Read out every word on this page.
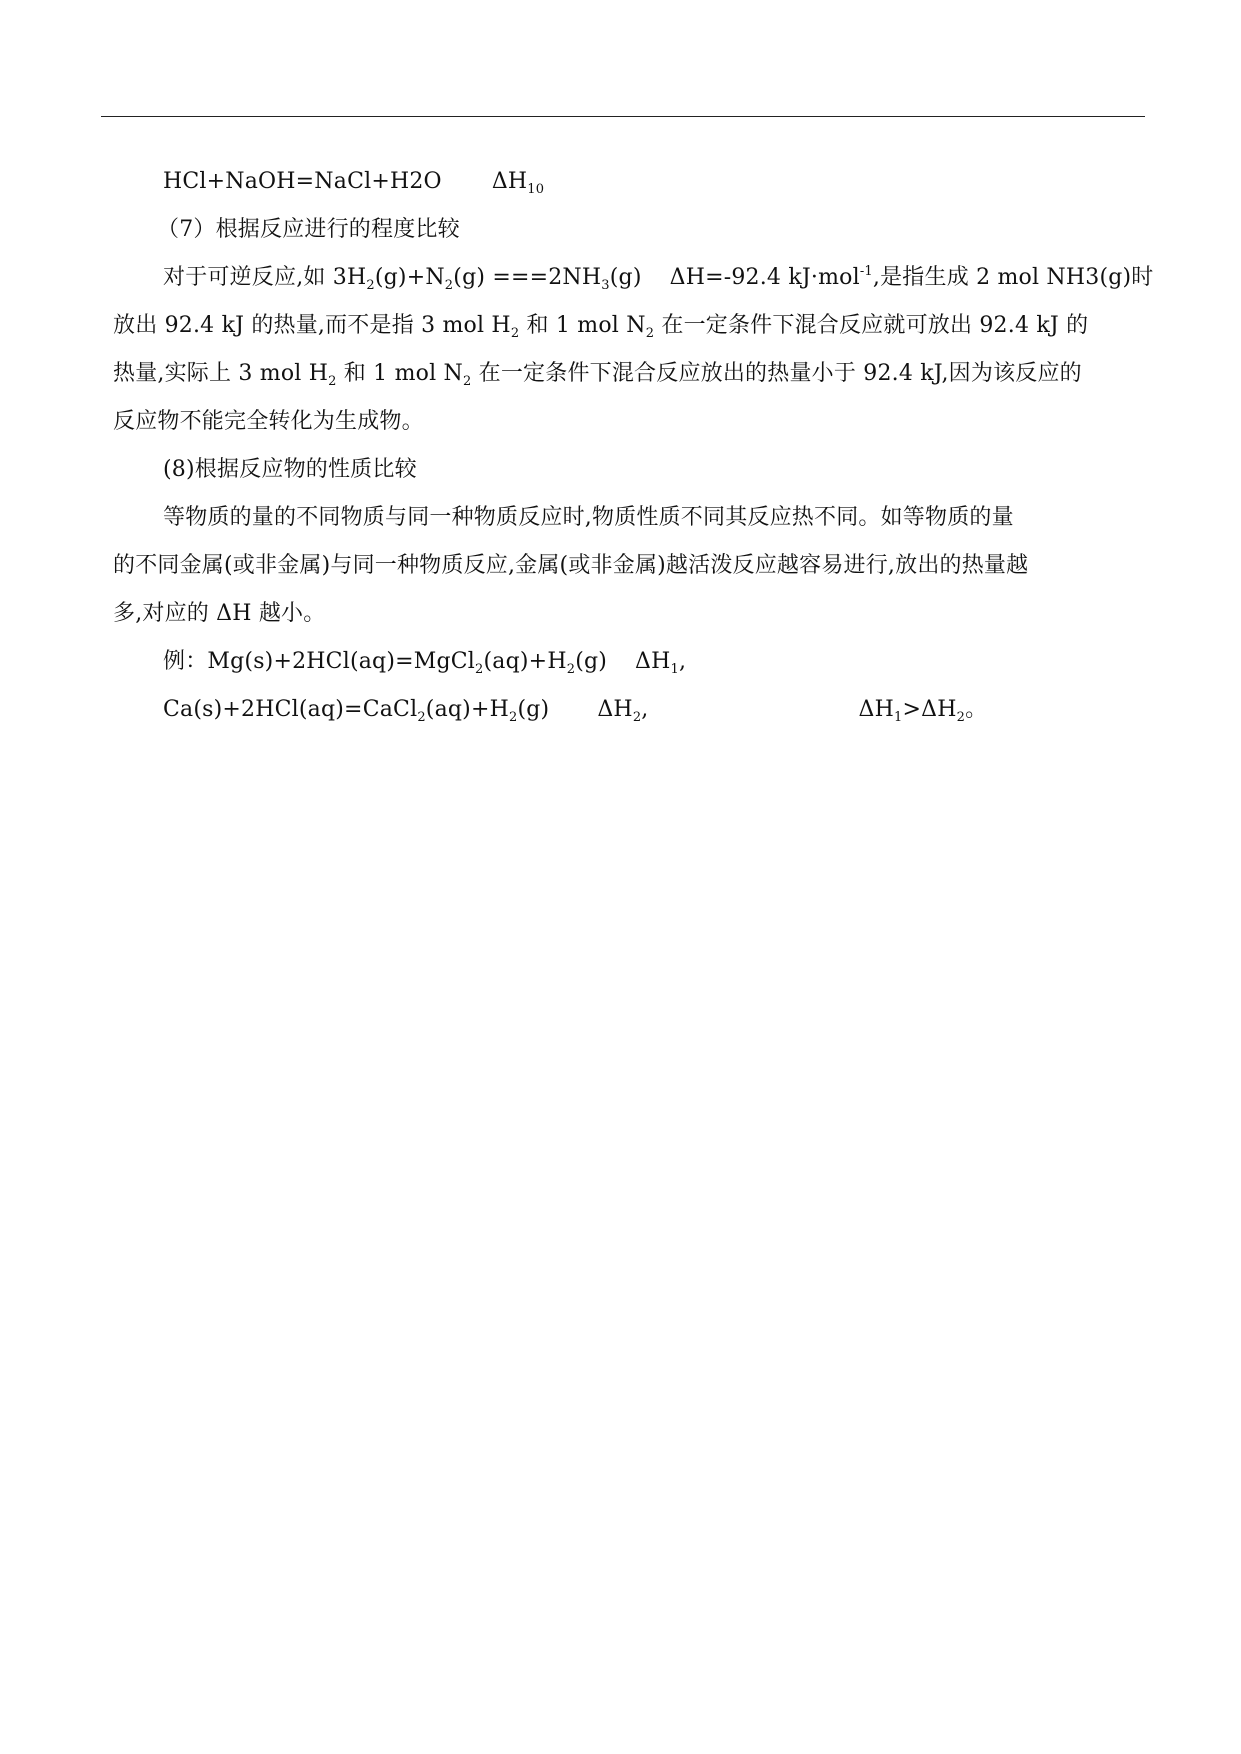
HCl+NaOH=NaCl+H2O $\Delta H_{10}$
（7）根据反应进行的程度比较
对于可逆反应,如 $3H_2(g)+N_2(g) ===2NH_3(g)$ ΔH=-92.4 kJ·mol$^{-1}$,是指生成 2 mol NH3(g)时
放出 92.4 kJ 的热量,而不是指 3 mol $H_2$ 和 1 mol $N_2$ 在一定条件下混合反应就可放出 92.4 kJ 的
热量,实际上 3 mol $H_2$ 和 1 mol $N_2$ 在一定条件下混合反应放出的热量小于 92.4 kJ,因为该反应的
反应物不能完全转化为生成物。
(8)根据反应物的性质比较
等物质的量的不同物质与同一种物质反应时,物质性质不同其反应热不同。如等物质的量
的不同金属(或非金属)与同一种物质反应,金属(或非金属)越活泼反应越容易进行,放出的热量越
多,对应的 ΔH 越小。
例：$Mg(s)+2HCl(aq)=MgCl_2(aq)+H_2(g)$ $\Delta H_1$,
$Ca(s)+2HCl(aq)=CaCl_2(aq)+H_2(g)$ $\Delta H_2$,	$\Delta H_1>\Delta H_2$。
